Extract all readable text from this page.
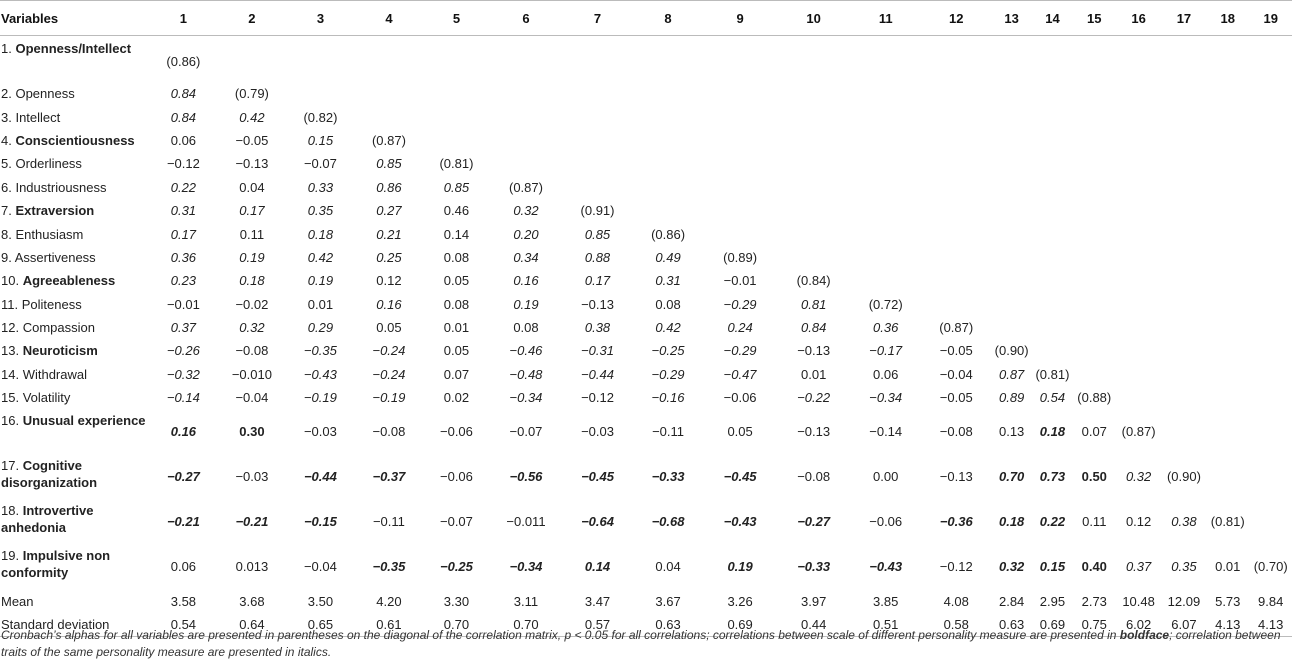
Variables	1	2	3	4	5	6	7	8	9	10	11	12	13	14	15	16	17	18	19
1. Openness/Intellect	(0.86)																		
2. Openness	0.84	(0.79)																	
3. Intellect	0.84	0.42	(0.82)																
4. Conscientiousness	0.06	−0.05	0.15	(0.87)															
5. Orderliness	−0.12	−0.13	−0.07	0.85	(0.81)														
6. Industriousness	0.22	0.04	0.33	0.86	0.85	(0.87)													
7. Extraversion	0.31	0.17	0.35	0.27	0.46	0.32	(0.91)												
8. Enthusiasm	0.17	0.11	0.18	0.21	0.14	0.20	0.85	(0.86)											
9. Assertiveness	0.36	0.19	0.42	0.25	0.08	0.34	0.88	0.49	(0.89)										
10. Agreeableness	0.23	0.18	0.19	0.12	0.05	0.16	0.17	0.31	−0.01	(0.84)									
11. Politeness	−0.01	−0.02	0.01	0.16	0.08	0.19	−0.13	0.08	−0.29	0.81	(0.72)								
12. Compassion	0.37	0.32	0.29	0.05	0.01	0.08	0.38	0.42	0.24	0.84	0.36	(0.87)							
13. Neuroticism	−0.26	−0.08	−0.35	−0.24	0.05	−0.46	−0.31	−0.25	−0.29	−0.13	−0.17	−0.05	(0.90)						
14. Withdrawal	−0.32	−0.010	−0.43	−0.24	0.07	−0.48	−0.44	−0.29	−0.47	0.01	0.06	−0.04	0.87	(0.81)					
15. Volatility	−0.14	−0.04	−0.19	−0.19	0.02	−0.34	−0.12	−0.16	−0.06	−0.22	−0.34	−0.05	0.89	0.54	(0.88)				
16. Unusual experience	0.16	0.30	−0.03	−0.08	−0.06	−0.07	−0.03	−0.11	0.05	−0.13	−0.14	−0.08	0.13	0.18	0.07	(0.87)			
17. Cognitive disorganization	−0.27	−0.03	−0.44	−0.37	−0.06	−0.56	−0.45	−0.33	−0.45	−0.08	0.00	−0.13	0.70	0.73	0.50	0.32	(0.90)		
18. Introvertive anhedonia	−0.21	−0.21	−0.15	−0.11	−0.07	−0.011	−0.64	−0.68	−0.43	−0.27	−0.06	−0.36	0.18	0.22	0.11	0.12	0.38	(0.81)	
19. Impulsive non conformity	0.06	0.013	−0.04	−0.35	−0.25	−0.34	0.14	0.04	0.19	−0.33	−0.43	−0.12	0.32	0.15	0.40	0.37	0.35	0.01	(0.70)
Mean	3.58	3.68	3.50	4.20	3.30	3.11	3.47	3.67	3.26	3.97	3.85	4.08	2.84	2.95	2.73	10.48	12.09	5.73	9.84
Standard deviation	0.54	0.64	0.65	0.61	0.70	0.70	0.57	0.63	0.69	0.44	0.51	0.58	0.63	0.69	0.75	6.02	6.07	4.13	4.13
Cronbach’s alphas for all variables are presented in parentheses on the diagonal of the correlation matrix, p < 0.05 for all correlations; correlations between scale of different personality measure are presented in boldface; correlation between traits of the same personality measure are presented in italics.
